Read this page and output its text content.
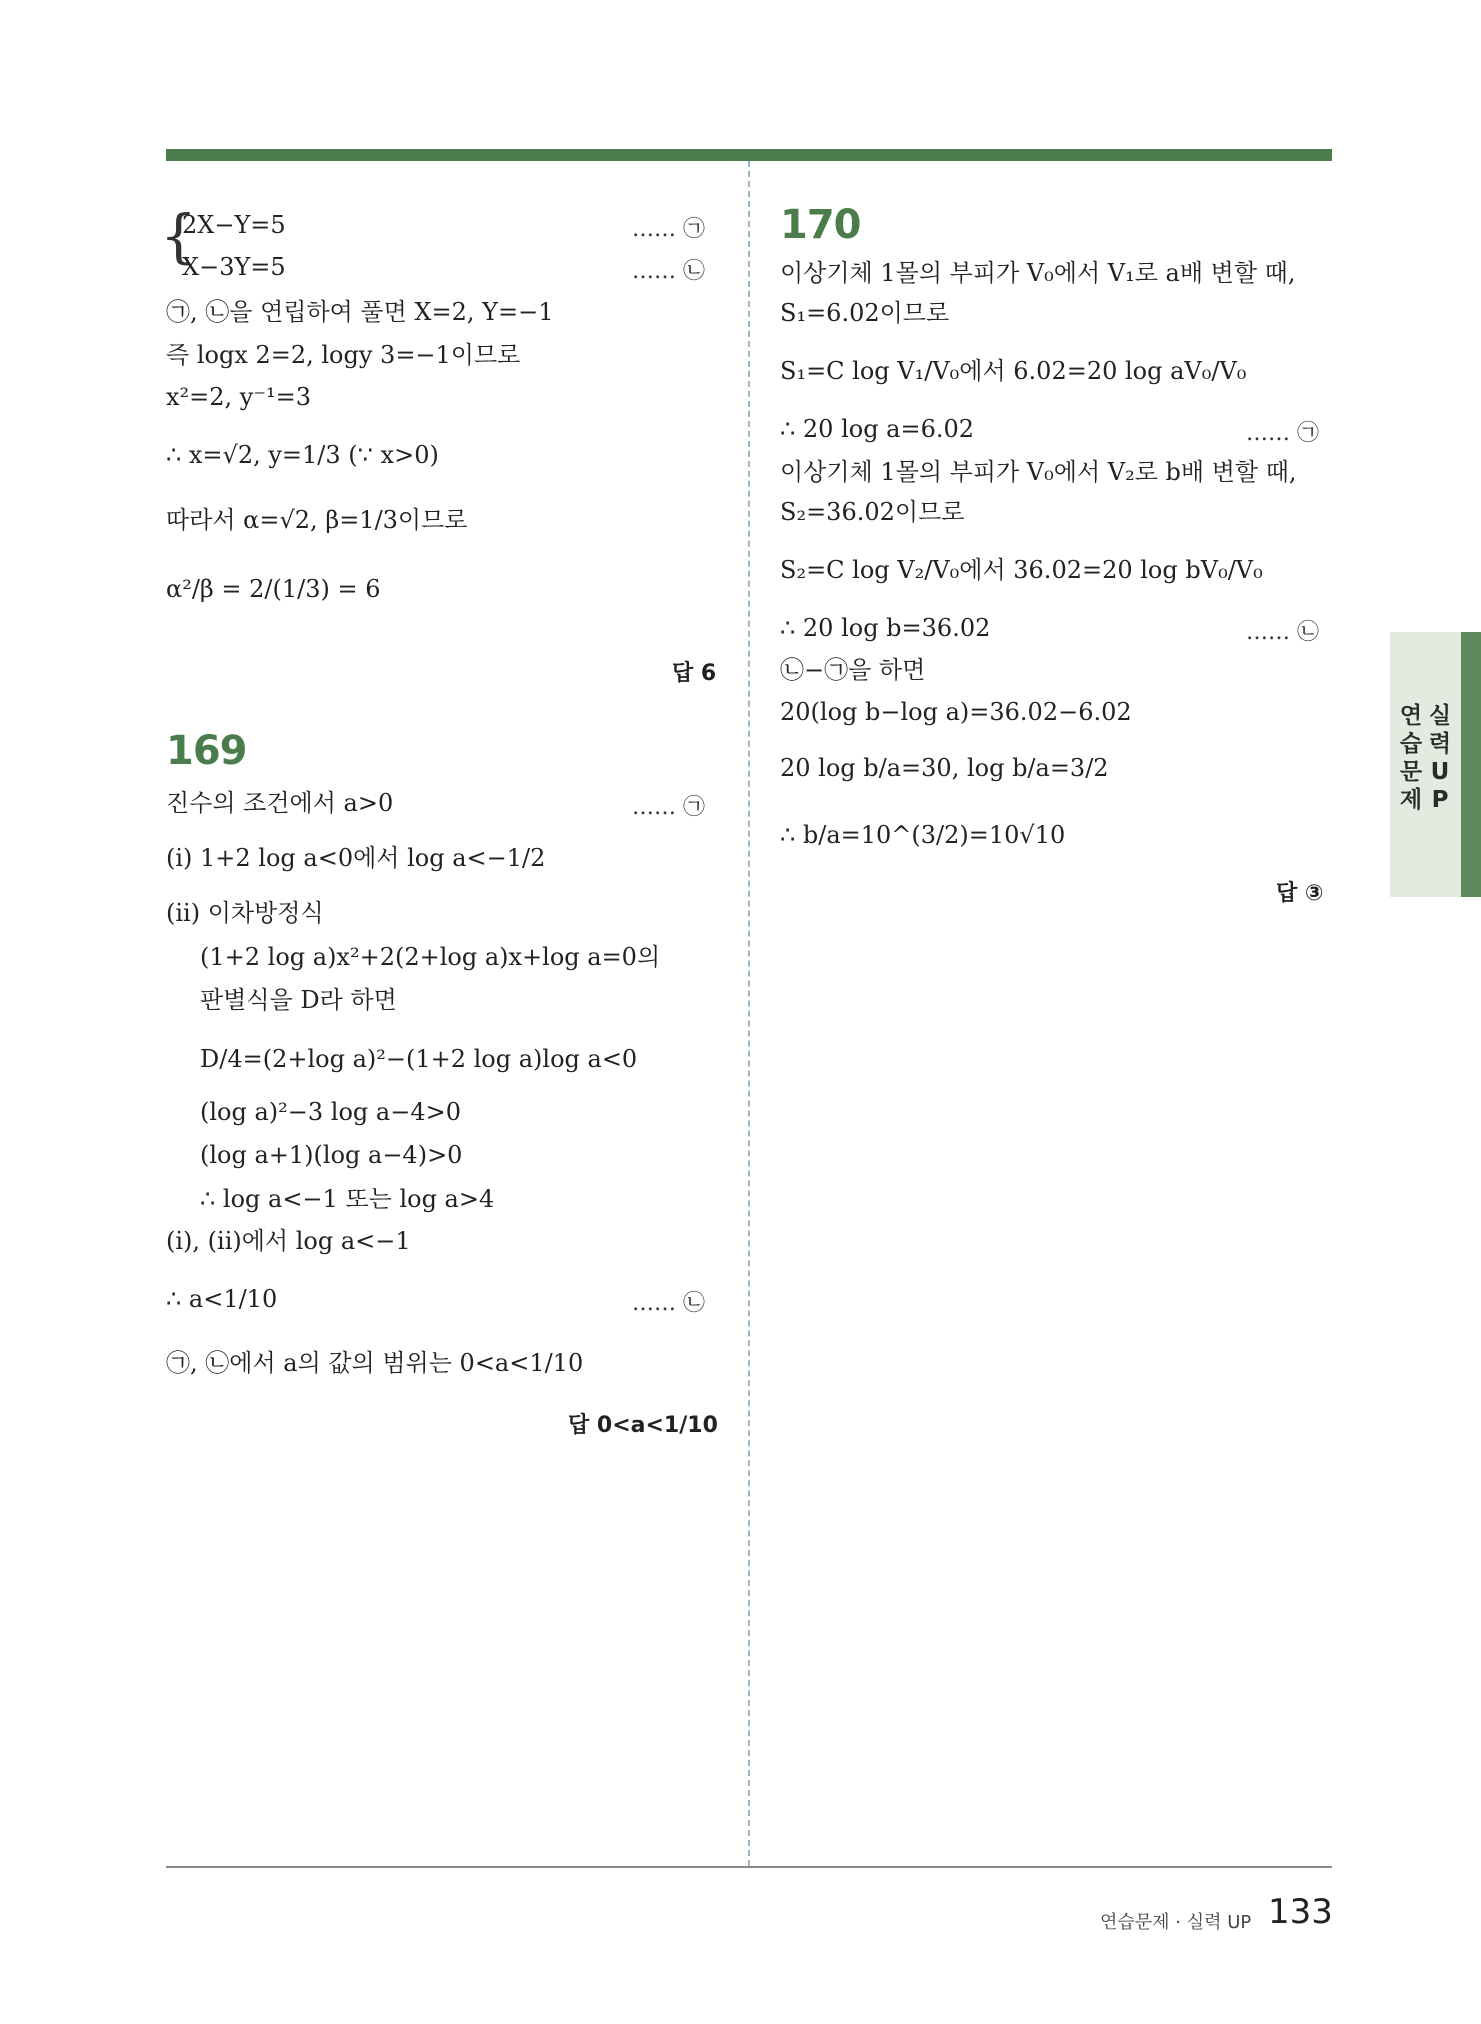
{
2X−Y=5
X−3Y=5
…… ㉠
…… ㉡
㉠, ㉡을 연립하여 풀면 X=2, Y=−1
즉 logx 2=2, logy 3=−1이므로
x²=2, y⁻¹=3
∴ x=√2, y=1/3 (∵ x>0)
따라서 α=√2, β=1/3이므로
α²/β = 2/(1/3) = 6
답 6
169
진수의 조건에서 a>0	…… ㉠
(i) 1+2 log a<0에서 log a<−1/2
(ii) 이차방정식
(1+2 log a)x²+2(2+log a)x+log a=0의
판별식을 D라 하면
D/4=(2+log a)²−(1+2 log a)log a<0
(log a)²−3 log a−4>0
(log a+1)(log a−4)>0
∴ log a<−1 또는 log a>4
(i), (ii)에서 log a<−1
∴ a<1/10	…… ㉡
㉠, ㉡에서 a의 값의 범위는 0<a<1/10
답 0<a<1/10
170
이상기체 1몰의 부피가 V₀에서 V₁로 a배 변할 때,
S₁=6.02이므로
S₁=C log V₁/V₀에서 6.02=20 log aV₀/V₀
∴ 20 log a=6.02	…… ㉠
이상기체 1몰의 부피가 V₀에서 V₂로 b배 변할 때,
S₂=36.02이므로
S₂=C log V₂/V₀에서 36.02=20 log bV₀/V₀
∴ 20 log b=36.02	…… ㉡
㉡−㉠을 하면
20(log b−log a)=36.02−6.02
20 log b/a=30, log b/a=3/2
∴ b/a=10^(3/2)=10√10
답 ③
연
습
문
제
실
력
U
P
연습문제 · 실력 UP 133
